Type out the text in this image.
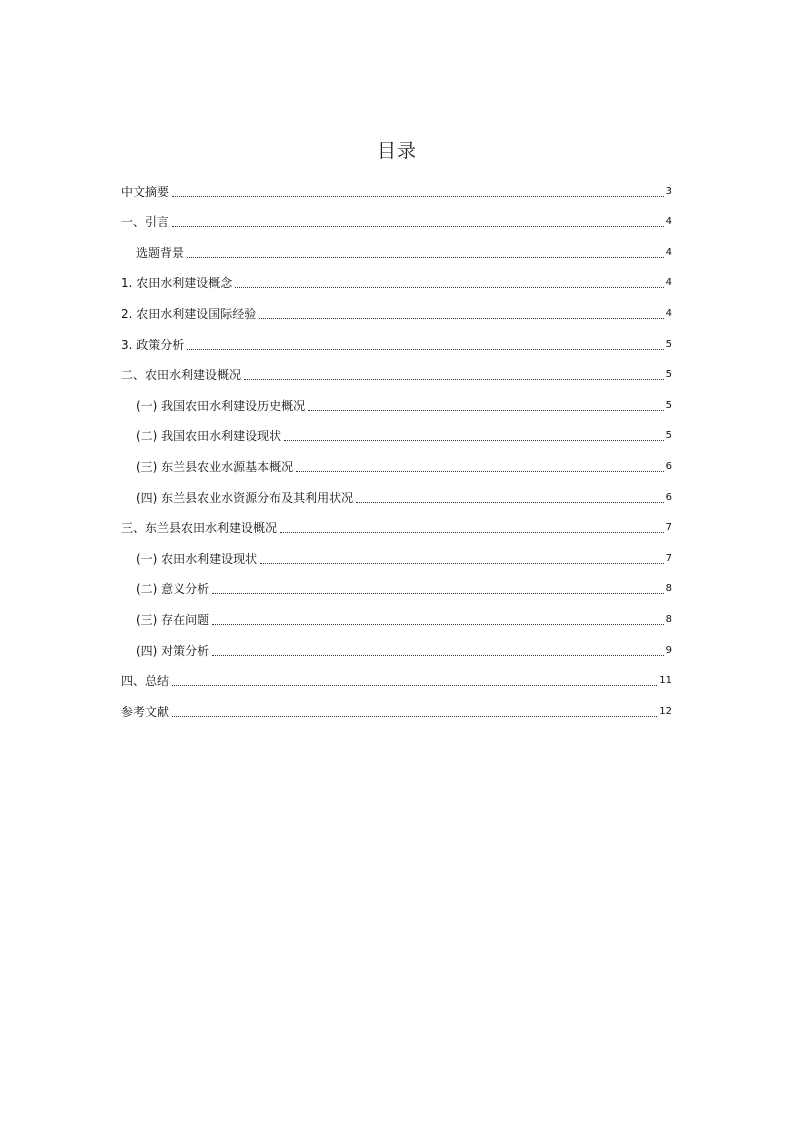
目录
中文摘要	3
一、引言	4
选题背景	4
1. 农田水利建设概念	4
2. 农田水利建设国际经验	4
3. 政策分析	5
二、农田水利建设概况	5
(一) 我国农田水利建设历史概况	5
(二) 我国农田水利建设现状	5
(三) 东兰县农业水源基本概况	6
(四) 东兰县农业水资源分布及其利用状况	6
三、东兰县农田水利建设概况	7
(一) 农田水利建设现状	7
(二) 意义分析	8
(三) 存在问题	8
(四) 对策分析	9
四、总结	11
参考文献	12
